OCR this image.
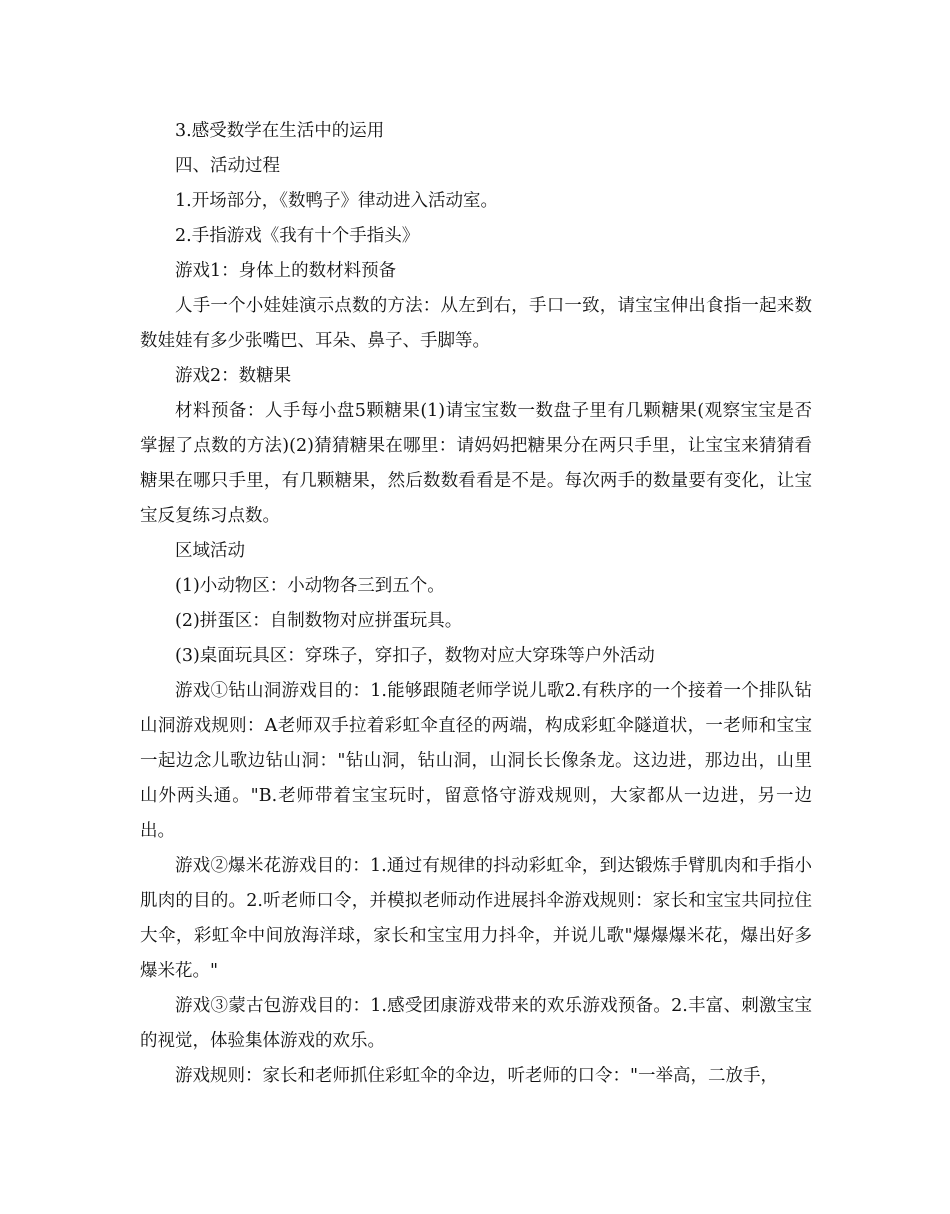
3.感受数学在生活中的运用

四、活动过程

1.开场部分，《数鸭子》律动进入活动室。

2.手指游戏《我有十个手指头》

游戏1：身体上的数材料预备

人手一个小娃娃演示点数的方法：从左到右，手口一致，请宝宝伸出食指一起来数数娃娃有多少张嘴巴、耳朵、鼻子、手脚等。

游戏2：数糖果

材料预备：人手每小盘5颗糖果(1)请宝宝数一数盘子里有几颗糖果(观察宝宝是否掌握了点数的方法)(2)猜猜糖果在哪里：请妈妈把糖果分在两只手里，让宝宝来猜猜看糖果在哪只手里，有几颗糖果，然后数数看看是不是。每次两手的数量要有变化，让宝宝反复练习点数。

区域活动

(1)小动物区：小动物各三到五个。

(2)拼蛋区：自制数物对应拼蛋玩具。

(3)桌面玩具区：穿珠子，穿扣子，数物对应大穿珠等户外活动

游戏①钻山洞游戏目的：1.能够跟随老师学说儿歌2.有秩序的一个接着一个排队钻山洞游戏规则：A老师双手拉着彩虹伞直径的两端，构成彩虹伞隧道状，一老师和宝宝一起边念儿歌边钻山洞："钻山洞，钻山洞，山洞长长像条龙。这边进，那边出，山里山外两头通。"B.老师带着宝宝玩时，留意恪守游戏规则，大家都从一边进，另一边出。

游戏②爆米花游戏目的：1.通过有规律的抖动彩虹伞，到达锻炼手臂肌肉和手指小肌肉的目的。2.听老师口令，并模拟老师动作进展抖伞游戏规则：家长和宝宝共同拉住大伞，彩虹伞中间放海洋球，家长和宝宝用力抖伞，并说儿歌"爆爆爆米花，爆出好多爆米花。"

游戏③蒙古包游戏目的：1.感受团康游戏带来的欢乐游戏预备。2.丰富、刺激宝宝的视觉，体验集体游戏的欢乐。

游戏规则：家长和老师抓住彩虹伞的伞边，听老师的口令："一举高，二放手，
